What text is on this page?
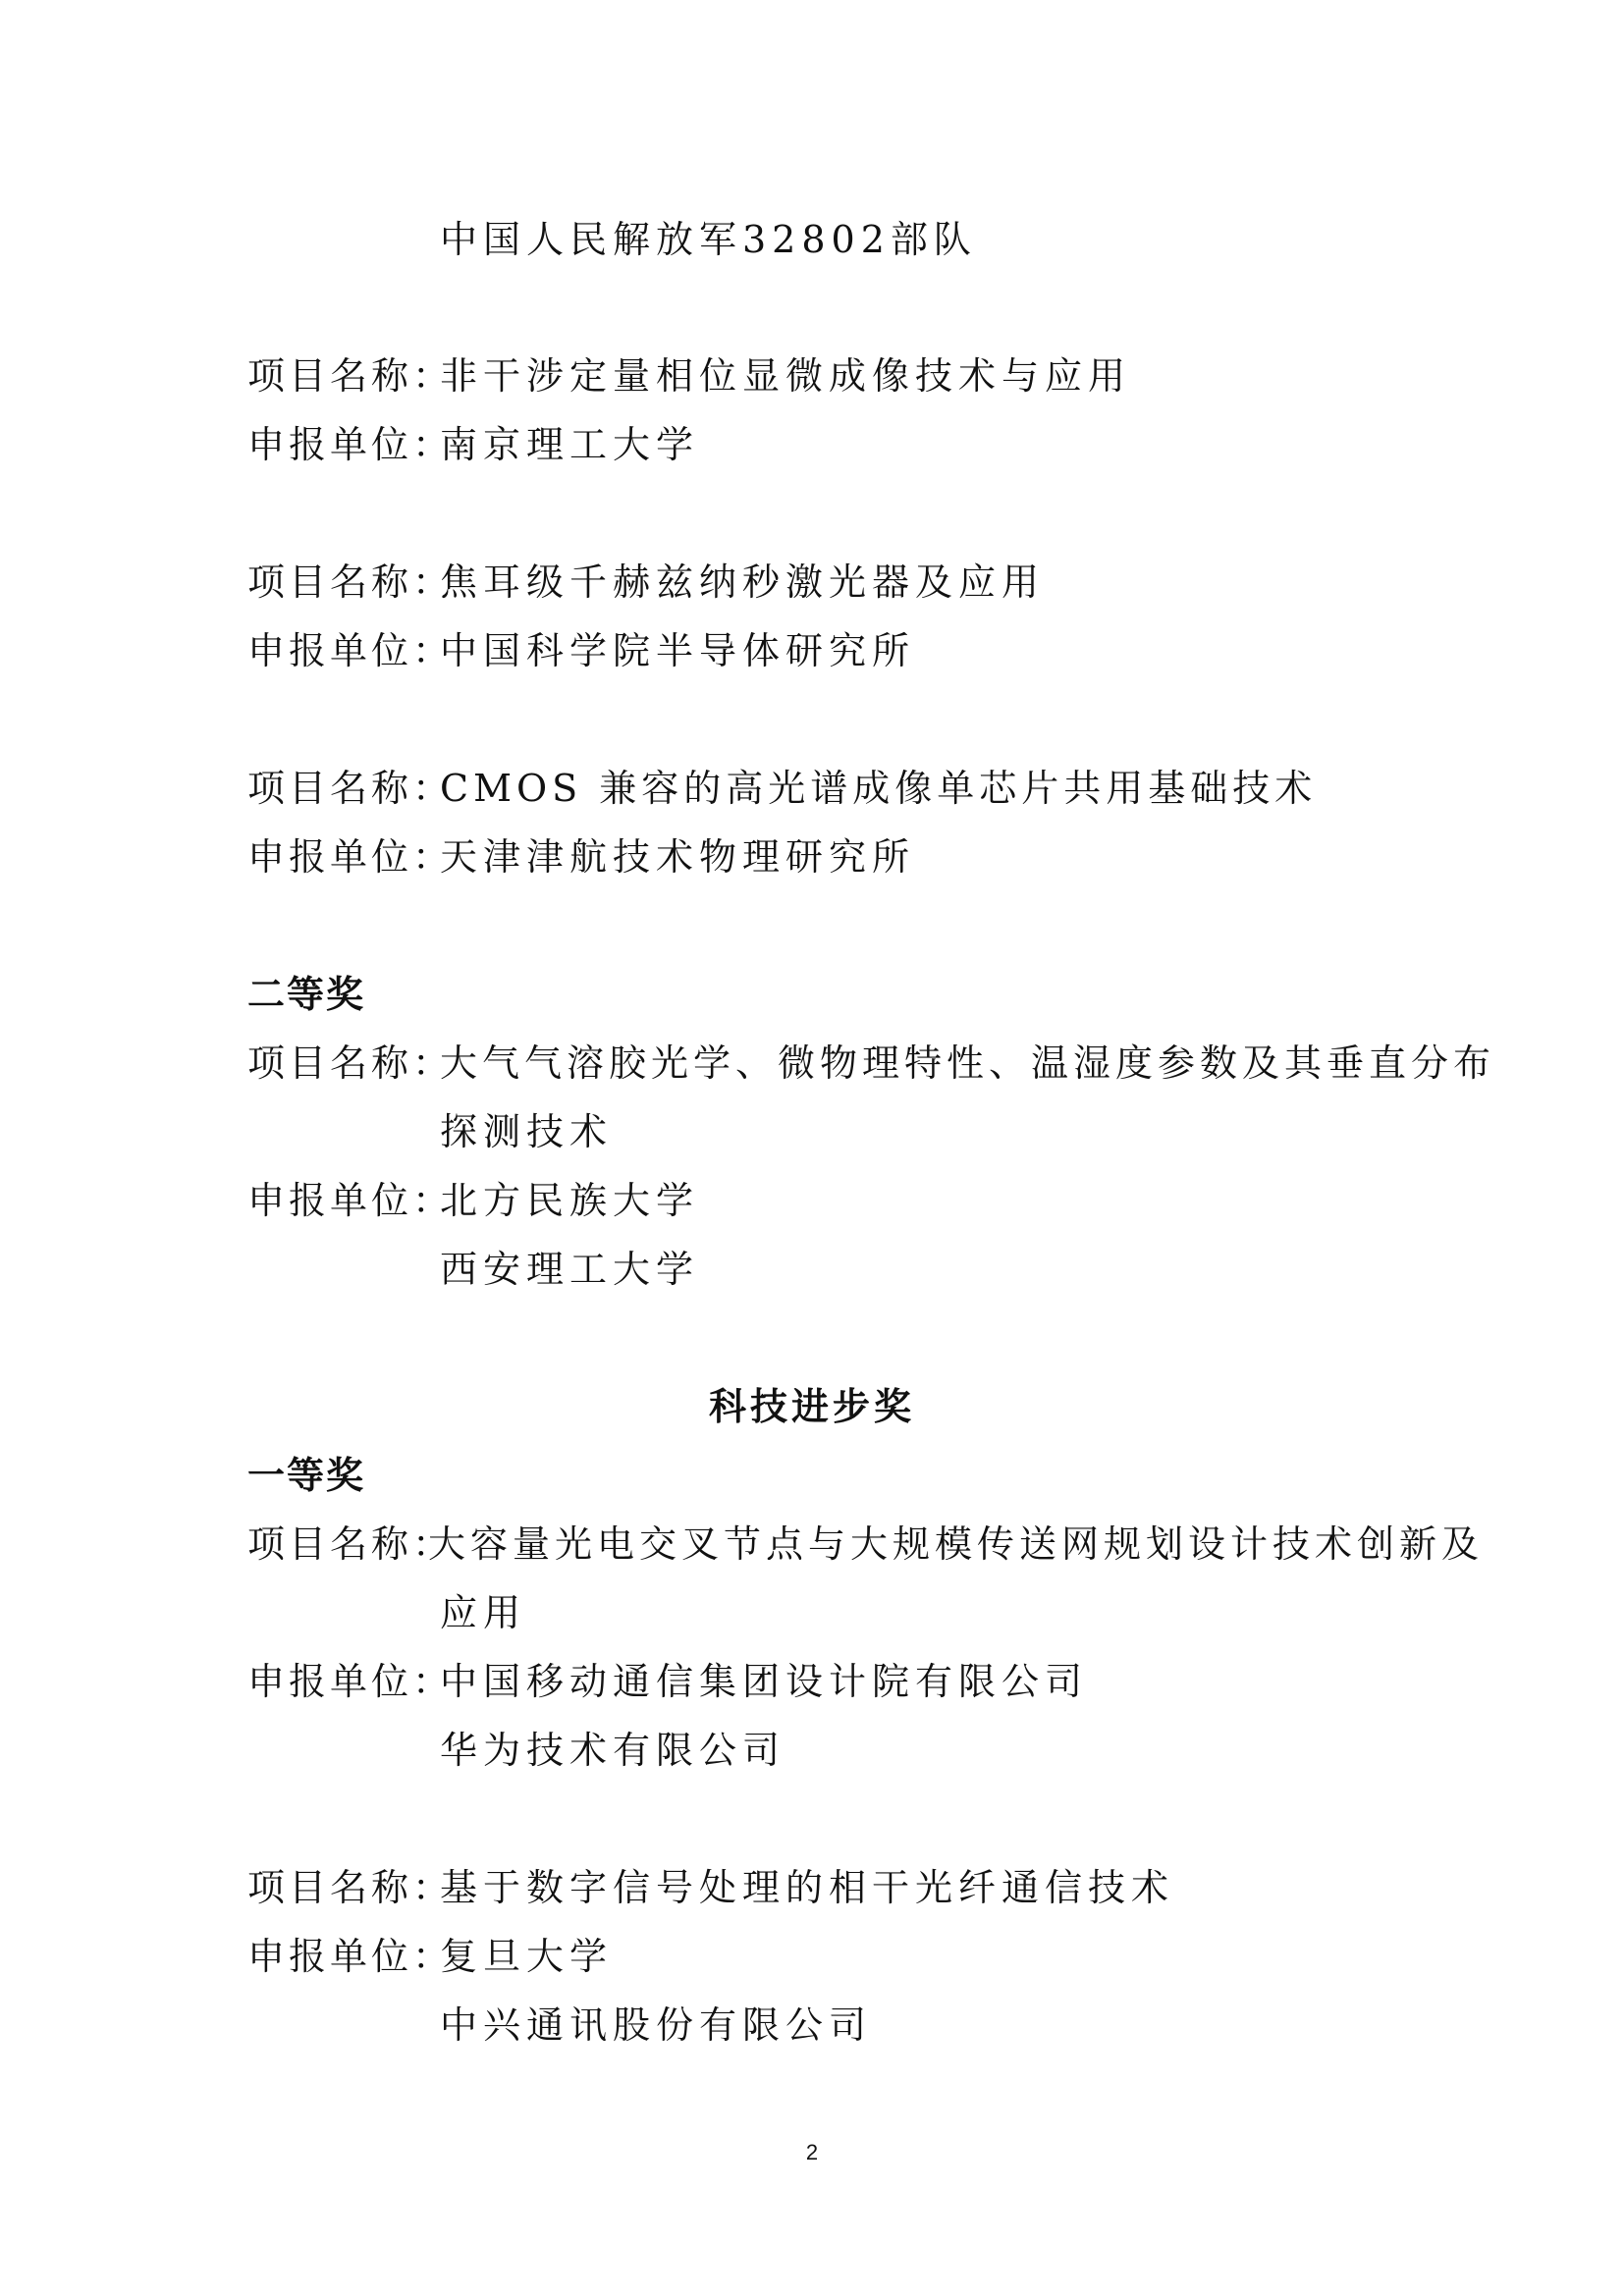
中国人民解放军32802部队
项目名称：非干涉定量相位显微成像技术与应用
申报单位：南京理工大学
项目名称：焦耳级千赫兹纳秒激光器及应用
申报单位：中国科学院半导体研究所
项目名称：CMOS 兼容的高光谱成像单芯片共用基础技术
申报单位：天津津航技术物理研究所
二等奖
项目名称：大气气溶胶光学、微物理特性、温湿度参数及其垂直分布
探测技术
申报单位：北方民族大学
西安理工大学
科技进步奖
一等奖
项目名称：大容量光电交叉节点与大规模传送网规划设计技术创新及
应用
申报单位：中国移动通信集团设计院有限公司
华为技术有限公司
项目名称：基于数字信号处理的相干光纤通信技术
申报单位：复旦大学
中兴通讯股份有限公司
2
